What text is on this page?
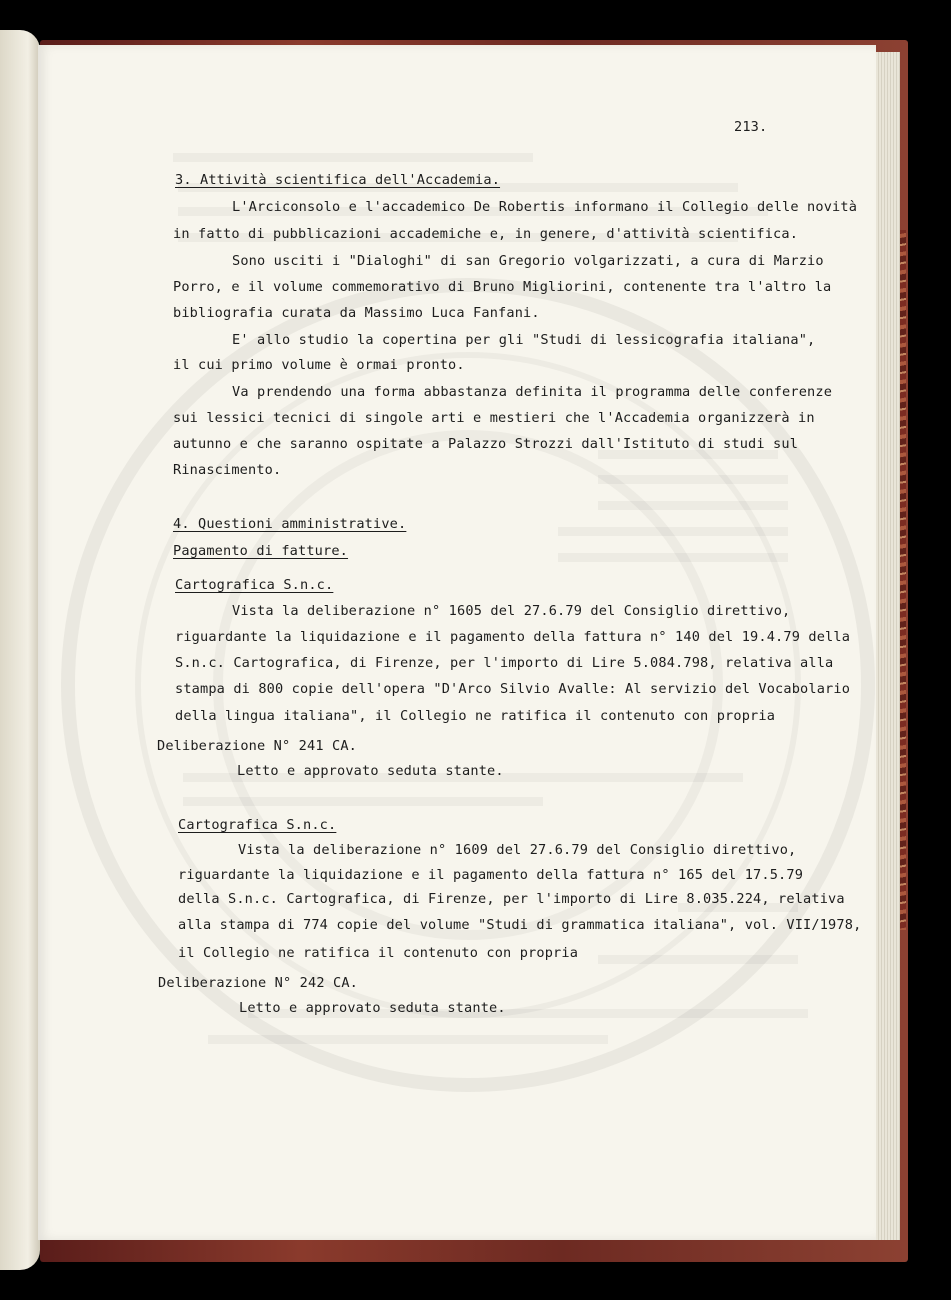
213.
3. Attività scientifica dell'Accademia.
L'Arciconsolo e l'accademico De Robertis informano il Collegio delle novità
in fatto di pubblicazioni accademiche e, in genere, d'attività scientifica.
Sono usciti i "Dialoghi" di san Gregorio volgarizzati, a cura di Marzio
Porro, e il volume commemorativo di Bruno Migliorini, contenente tra l'altro la
bibliografia curata da Massimo Luca Fanfani.
E' allo studio la copertina per gli "Studi di lessicografia italiana",
il cui primo volume è ormai pronto.
Va prendendo una forma abbastanza definita il programma delle conferenze
sui lessici tecnici di singole arti e mestieri che l'Accademia organizzerà in
autunno e che saranno ospitate a Palazzo Strozzi dall'Istituto di studi sul
Rinascimento.
4. Questioni amministrative.
Pagamento di fatture.
Cartografica S.n.c.
Vista la deliberazione n° 1605 del 27.6.79 del Consiglio direttivo,
riguardante la liquidazione e il pagamento della fattura n° 140 del 19.4.79 della
S.n.c. Cartografica, di Firenze, per l'importo di Lire 5.084.798, relativa alla
stampa di 800 copie dell'opera "D'Arco Silvio Avalle: Al servizio del Vocabolario
della lingua italiana", il Collegio ne ratifica il contenuto con propria
Deliberazione N° 241 CA.
Letto e approvato seduta stante.
Cartografica S.n.c.
Vista la deliberazione n° 1609 del 27.6.79 del Consiglio direttivo,
riguardante la liquidazione e il pagamento della fattura n° 165 del 17.5.79
della S.n.c. Cartografica, di Firenze, per l'importo di Lire 8.035.224, relativa
alla stampa di 774 copie del volume "Studi di grammatica italiana", vol. VII/1978,
il Collegio ne ratifica il contenuto con propria
Deliberazione N° 242 CA.
Letto e approvato seduta stante.
